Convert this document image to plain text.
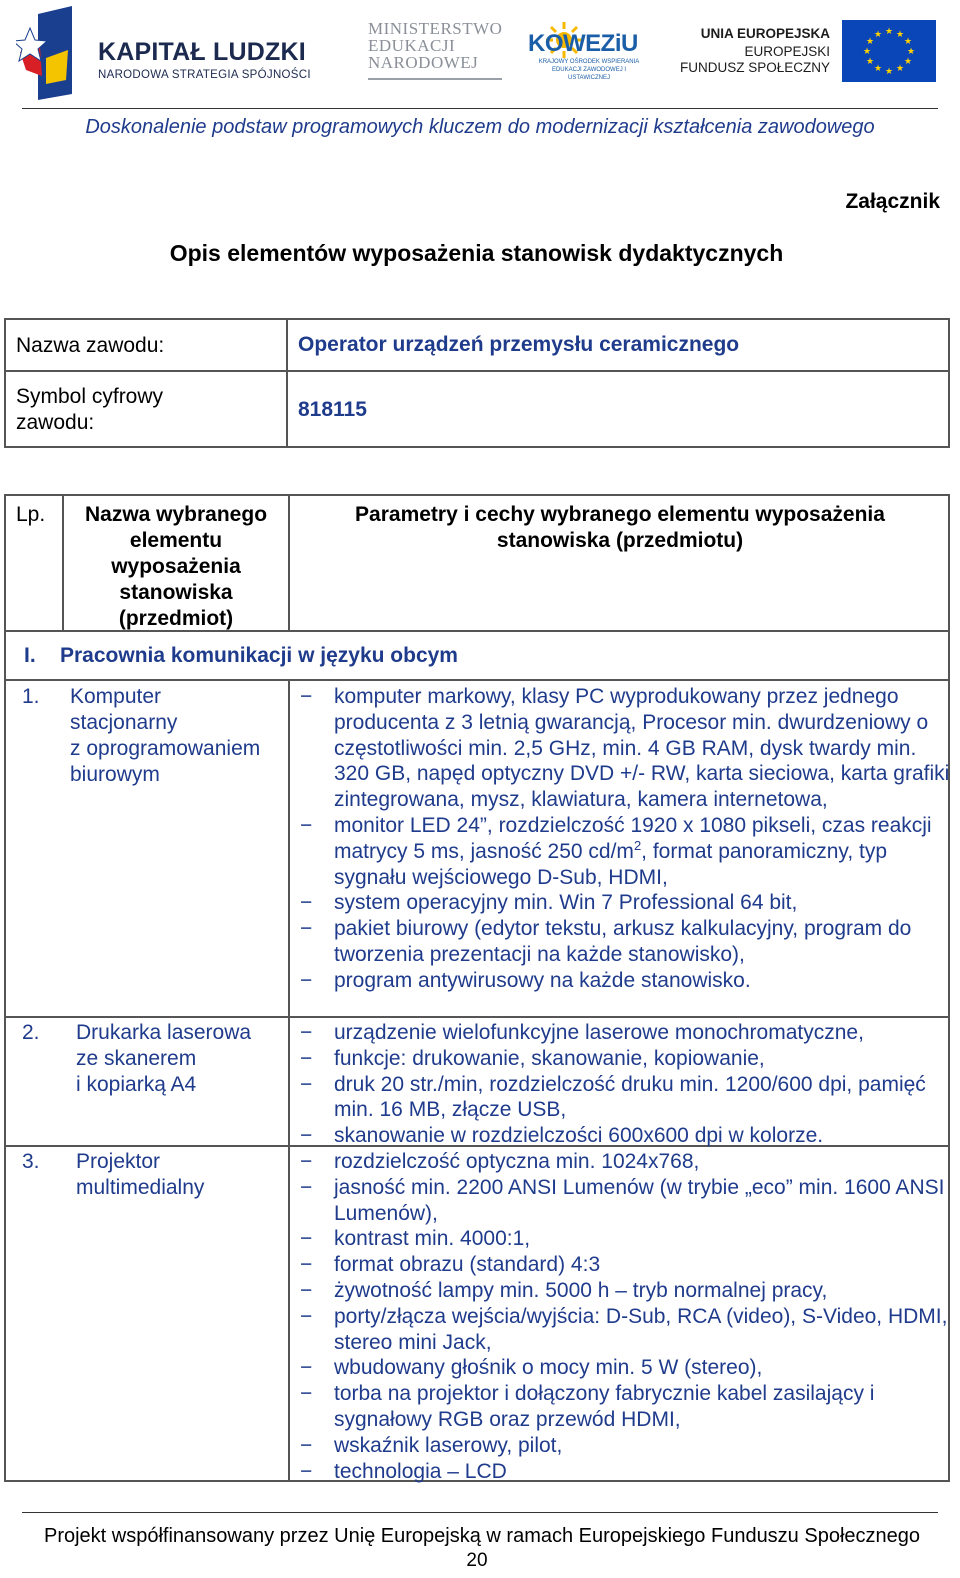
KAPITAŁ LUDZKI
NARODOWA STRATEGIA SPÓJNOŚCI
MINISTERSTWO
EDUKACJI
NARODOWEJ
KOWEZiU
KRAJOWY OŚRODEK WSPIERANIA EDUKACJI ZAWODOWEJ I USTAWICZNEJ
UNIA EUROPEJSKA
EUROPEJSKI
FUNDUSZ SPOŁECZNY
★ ★
★
★
★
★
★
★
★
★
★
★
Doskonalenie podstaw programowych kluczem do modernizacji kształcenia zawodowego
Załącznik
Opis elementów wyposażenia stanowisk dydaktycznych
Nazwa zawodu:	Operator urządzeń przemysłu ceramicznego
Symbol cyfrowy
zawodu:
818115
Lp.	Nazwa wybranego
elementu
wyposażenia
stanowiska
(przedmiot)
Parametry i cechy wybranego elementu wyposażenia
stanowiska (przedmiotu)
I. Pracownia komunikacji w języku obcym
1. Komputer
stacjonarny
z oprogramowaniem
biurowym
− komputer markowy, klasy PC wyprodukowany przez jednego producenta z 3 letnią gwarancją, Procesor min. dwurdzeniowy o częstotliwości min. 2,5 GHz, min. 4 GB RAM, dysk twardy min. 320 GB, napęd optyczny DVD +/- RW, karta sieciowa, karta grafiki zintegrowana, mysz, klawiatura, kamera internetowa,
− monitor LED 24”, rozdzielczość 1920 x 1080 pikseli, czas reakcji matrycy 5 ms, jasność 250 $cd/m^2$, format panoramiczny, typ sygnału wejściowego D-Sub, HDMI,
− system operacyjny min. Win 7 Professional 64 bit,
− pakiet biurowy (edytor tekstu, arkusz kalkulacyjny, program do tworzenia prezentacji na każde stanowisko),
− program antywirusowy na każde stanowisko.
2. Drukarka laserowa
ze skanerem
i kopiarką A4
− urządzenie wielofunkcyjne laserowe monochromatyczne,
− funkcje: drukowanie, skanowanie, kopiowanie,
− druk 20 str./min, rozdzielczość druku min. 1200/600 dpi, pamięć min. 16 MB, złącze USB,
− skanowanie w rozdzielczości 600x600 dpi w kolorze.
3. Projektor
multimedialny
− rozdzielczość optyczna min. 1024x768,
− jasność min. 2200 ANSI Lumenów (w trybie „eco” min. 1600 ANSI Lumenów),
− kontrast min. 4000:1,
− format obrazu (standard) 4:3
− żywotność lampy min. 5000 h – tryb normalnej pracy,
− porty/złącza wejścia/wyjścia: D-Sub, RCA (video), S-Video, HDMI, stereo mini Jack,
− wbudowany głośnik o mocy min. 5 W (stereo),
− torba na projektor i dołączony fabrycznie kabel zasilający i sygnałowy RGB oraz przewód HDMI,
− wskaźnik laserowy, pilot,
− technologia – LCD
Projekt współfinansowany przez Unię Europejską w ramach Europejskiego Funduszu Społecznego
20
